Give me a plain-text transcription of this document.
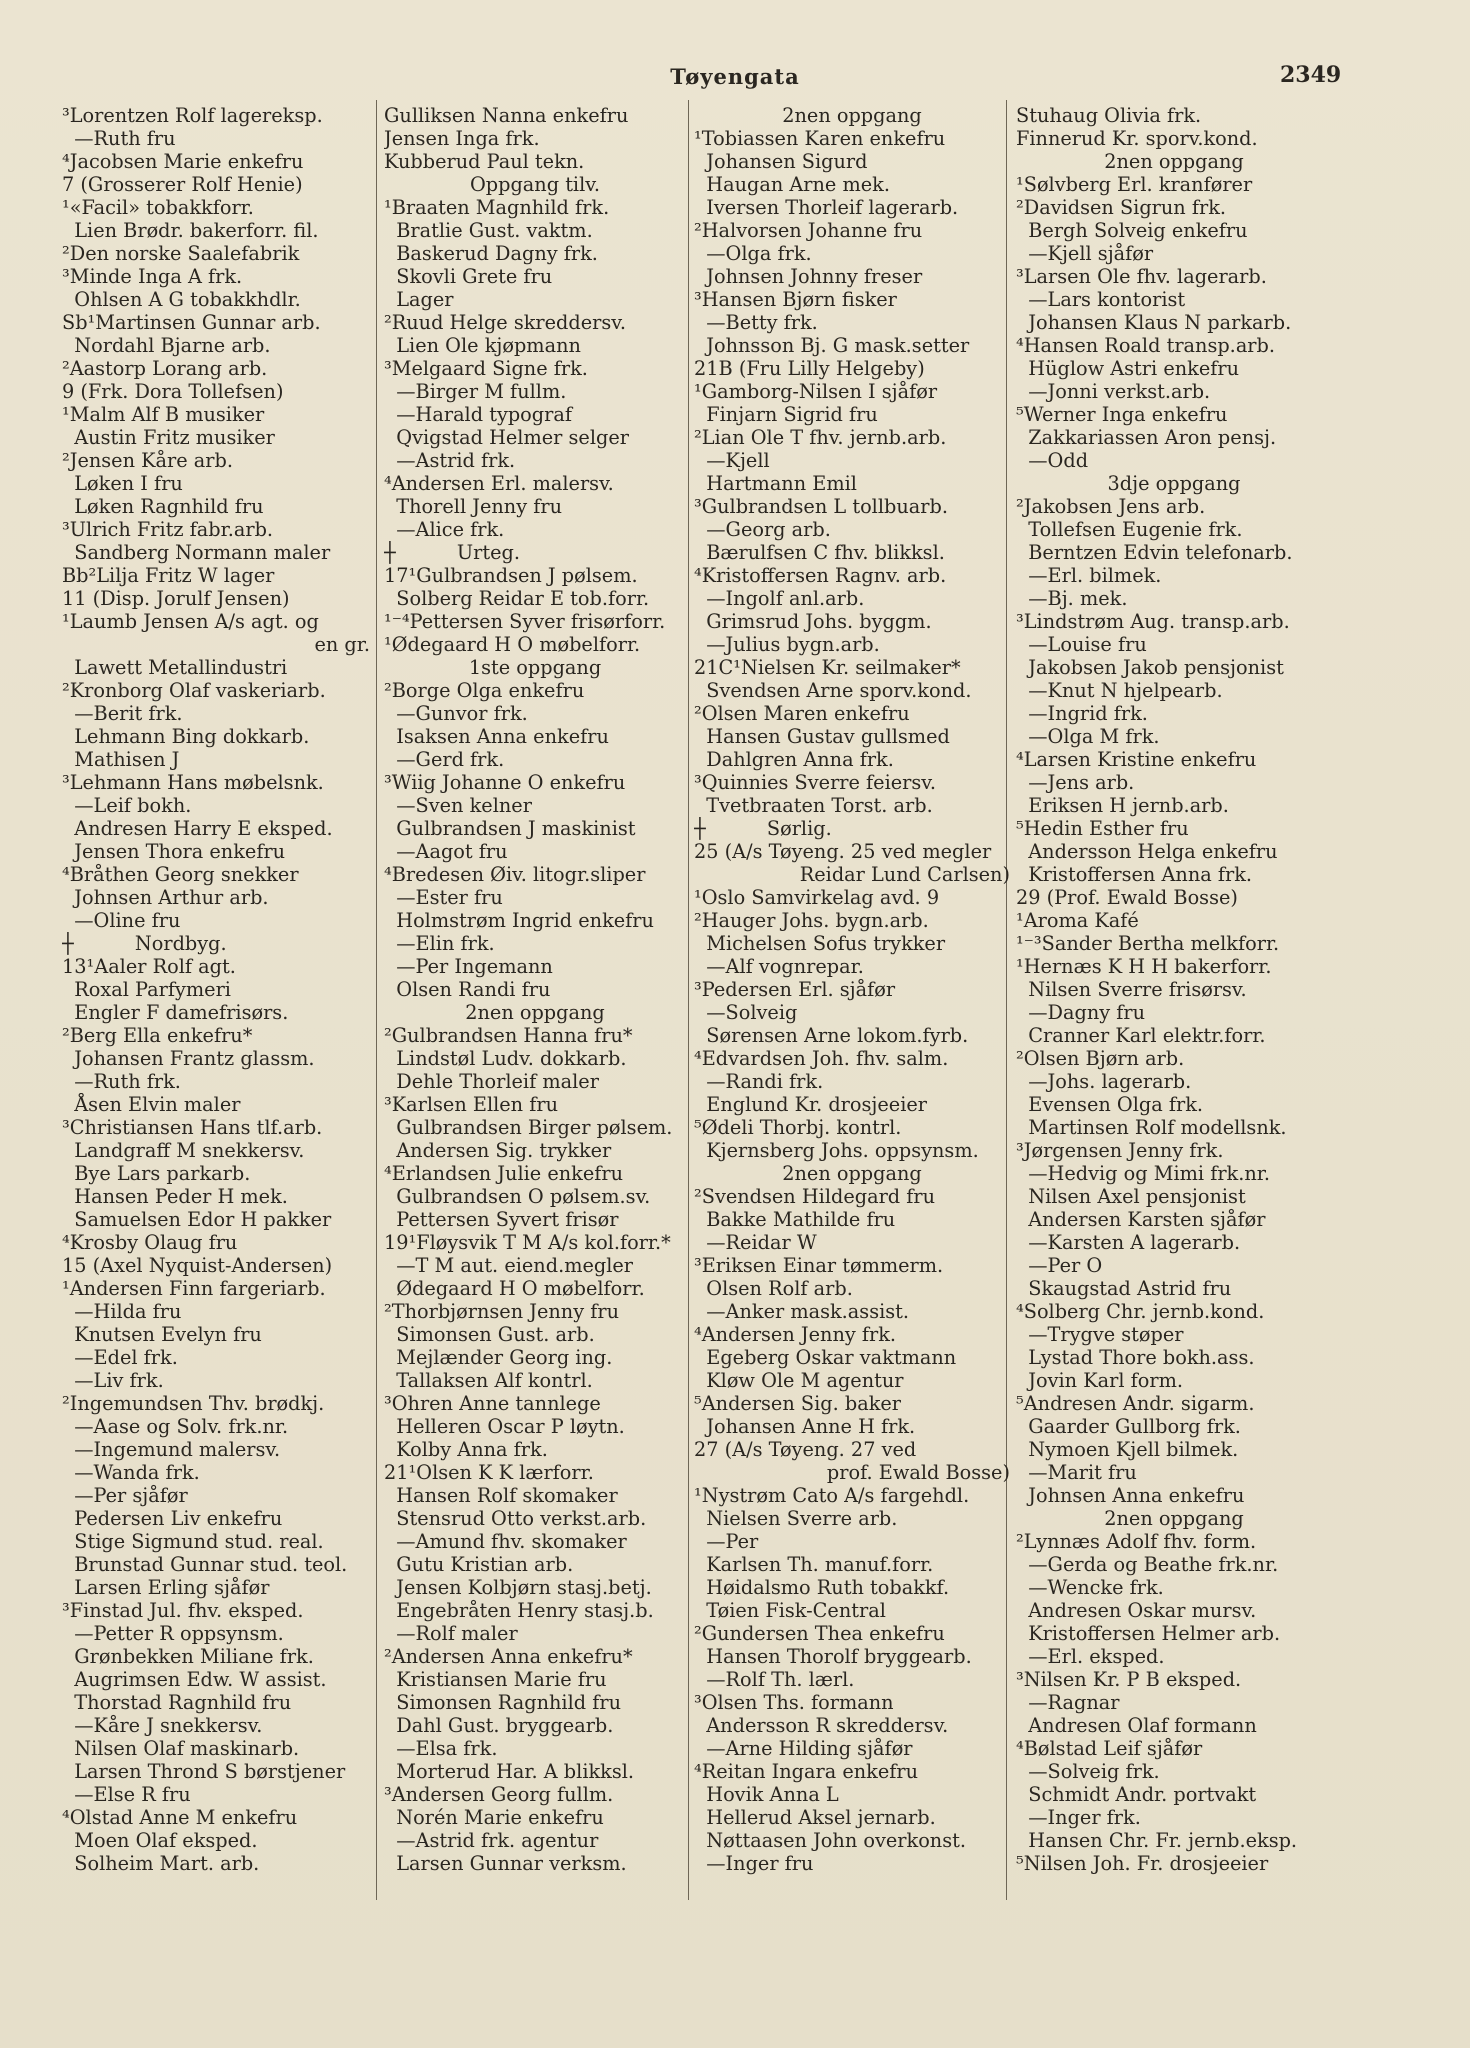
Tøyengata	2349
³Lorentzen Rolf lagereksp.
—Ruth fru
⁴Jacobsen Marie enkefru
7 (Grosserer Rolf Henie)
¹«Facil» tobakkforr.
Lien Brødr. bakerforr. fil.
²Den norske Saalefabrik
³Minde Inga A frk.
Ohlsen A G tobakkhdlr.
Sb¹Martinsen Gunnar arb.
Nordahl Bjarne arb.
²Aastorp Lorang arb.
9 (Frk. Dora Tollefsen)
¹Malm Alf B musiker
Austin Fritz musiker
²Jensen Kåre arb.
Løken I fru
Løken Ragnhild fru
³Ulrich Fritz fabr.arb.
Sandberg Normann maler
Bb²Lilja Fritz W lager
11 (Disp. Jorulf Jensen)
¹Laumb Jensen A/s agt. og
en gr.
Lawett Metallindustri
²Kronborg Olaf vaskeriarb.
—Berit frk.
Lehmann Bing dokkarb.
Mathisen J
³Lehmann Hans møbelsnk.
—Leif bokh.
Andresen Harry E eksped.
Jensen Thora enkefru
⁴Bråthen Georg snekker
Johnsen Arthur arb.
—Oline fru
┼          Nordbyg.
13¹Aaler Rolf agt.
Roxal Parfymeri
Engler F damefrisørs.
²Berg Ella enkefru*
Johansen Frantz glassm.
—Ruth frk.
Åsen Elvin maler
³Christiansen Hans tlf.arb.
Landgraff M snekkersv.
Bye Lars parkarb.
Hansen Peder H mek.
Samuelsen Edor H pakker
⁴Krosby Olaug fru
15 (Axel Nyquist-Andersen)
¹Andersen Finn fargeriarb.
—Hilda fru
Knutsen Evelyn fru
—Edel frk.
—Liv frk.
²Ingemundsen Thv. brødkj.
—Aase og Solv. frk.nr.
—Ingemund malersv.
—Wanda frk.
—Per sjåfør
Pedersen Liv enkefru
Stige Sigmund stud. real.
Brunstad Gunnar stud. teol.
Larsen Erling sjåfør
³Finstad Jul. fhv. eksped.
—Petter R oppsynsm.
Grønbekken Miliane frk.
Augrimsen Edw. W assist.
Thorstad Ragnhild fru
—Kåre J snekkersv.
Nilsen Olaf maskinarb.
Larsen Thrond S børstjener
—Else R fru
⁴Olstad Anne M enkefru
Moen Olaf eksped.
Solheim Mart. arb.
Gulliksen Nanna enkefru
Jensen Inga frk.
Kubberud Paul tekn.
Oppgang tilv.
¹Braaten Magnhild frk.
Bratlie Gust. vaktm.
Baskerud Dagny frk.
Skovli Grete fru
Lager
²Ruud Helge skreddersv.
Lien Ole kjøpmann
³Melgaard Signe frk.
—Birger M fullm.
—Harald typograf
Qvigstad Helmer selger
—Astrid frk.
⁴Andersen Erl. malersv.
Thorell Jenny fru
—Alice frk.
┼          Urteg.
17¹Gulbrandsen J pølsem.
Solberg Reidar E tob.forr.
¹⁻⁴Pettersen Syver frisørforr.
¹Ødegaard H O møbelforr.
1ste oppgang
²Borge Olga enkefru
—Gunvor frk.
Isaksen Anna enkefru
—Gerd frk.
³Wiig Johanne O enkefru
—Sven kelner
Gulbrandsen J maskinist
—Aagot fru
⁴Bredesen Øiv. litogr.sliper
—Ester fru
Holmstrøm Ingrid enkefru
—Elin frk.
—Per Ingemann
Olsen Randi fru
2nen oppgang
²Gulbrandsen Hanna fru*
Lindstøl Ludv. dokkarb.
Dehle Thorleif maler
³Karlsen Ellen fru
Gulbrandsen Birger pølsem.
Andersen Sig. trykker
⁴Erlandsen Julie enkefru
Gulbrandsen O pølsem.sv.
Pettersen Syvert frisør
19¹Fløysvik T M A/s kol.forr.*
—T M aut. eiend.megler
Ødegaard H O møbelforr.
²Thorbjørnsen Jenny fru
Simonsen Gust. arb.
Mejlænder Georg ing.
Tallaksen Alf kontrl.
³Ohren Anne tannlege
Helleren Oscar P løytn.
Kolby Anna frk.
21¹Olsen K K lærforr.
Hansen Rolf skomaker
Stensrud Otto verkst.arb.
—Amund fhv. skomaker
Gutu Kristian arb.
Jensen Kolbjørn stasj.betj.
Engebråten Henry stasj.b.
—Rolf maler
²Andersen Anna enkefru*
Kristiansen Marie fru
Simonsen Ragnhild fru
Dahl Gust. bryggearb.
—Elsa frk.
Morterud Har. A blikksl.
³Andersen Georg fullm.
Norén Marie enkefru
—Astrid frk. agentur
Larsen Gunnar verksm.
2nen oppgang
¹Tobiassen Karen enkefru
Johansen Sigurd
Haugan Arne mek.
Iversen Thorleif lagerarb.
²Halvorsen Johanne fru
—Olga frk.
Johnsen Johnny freser
³Hansen Bjørn fisker
—Betty frk.
Johnsson Bj. G mask.setter
21B (Fru Lilly Helgeby)
¹Gamborg-Nilsen I sjåfør
Finjarn Sigrid fru
²Lian Ole T fhv. jernb.arb.
—Kjell
Hartmann Emil
³Gulbrandsen L tollbuarb.
—Georg arb.
Bærulfsen C fhv. blikksl.
⁴Kristoffersen Ragnv. arb.
—Ingolf anl.arb.
Grimsrud Johs. byggm.
—Julius bygn.arb.
21C¹Nielsen Kr. seilmaker*
Svendsen Arne sporv.kond.
²Olsen Maren enkefru
Hansen Gustav gullsmed
Dahlgren Anna frk.
³Quinnies Sverre feiersv.
Tvetbraaten Torst. arb.
┼          Sørlig.
25 (A/s Tøyeng. 25 ved megler
Reidar Lund Carlsen)
¹Oslo Samvirkelag avd. 9
²Hauger Johs. bygn.arb.
Michelsen Sofus trykker
—Alf vognrepar.
³Pedersen Erl. sjåfør
—Solveig
Sørensen Arne lokom.fyrb.
⁴Edvardsen Joh. fhv. salm.
—Randi frk.
Englund Kr. drosjeeier
⁵Ødeli Thorbj. kontrl.
Kjernsberg Johs. oppsynsm.
2nen oppgang
²Svendsen Hildegard fru
Bakke Mathilde fru
—Reidar W
³Eriksen Einar tømmerm.
Olsen Rolf arb.
—Anker mask.assist.
⁴Andersen Jenny frk.
Egeberg Oskar vaktmann
Kløw Ole M agentur
⁵Andersen Sig. baker
Johansen Anne H frk.
27 (A/s Tøyeng. 27 ved
prof. Ewald Bosse)
¹Nystrøm Cato A/s fargehdl.
Nielsen Sverre arb.
—Per
Karlsen Th. manuf.forr.
Høidalsmo Ruth tobakkf.
Tøien Fisk-Central
²Gundersen Thea enkefru
Hansen Thorolf bryggearb.
—Rolf Th. lærl.
³Olsen Ths. formann
Andersson R skreddersv.
—Arne Hilding sjåfør
⁴Reitan Ingara enkefru
Hovik Anna L
Hellerud Aksel jernarb.
Nøttaasen John overkonst.
—Inger fru
Stuhaug Olivia frk.
Finnerud Kr. sporv.kond.
2nen oppgang
¹Sølvberg Erl. kranfører
²Davidsen Sigrun frk.
Bergh Solveig enkefru
—Kjell sjåfør
³Larsen Ole fhv. lagerarb.
—Lars kontorist
Johansen Klaus N parkarb.
⁴Hansen Roald transp.arb.
Hüglow Astri enkefru
—Jonni verkst.arb.
⁵Werner Inga enkefru
Zakkariassen Aron pensj.
—Odd
3dje oppgang
²Jakobsen Jens arb.
Tollefsen Eugenie frk.
Berntzen Edvin telefonarb.
—Erl. bilmek.
—Bj. mek.
³Lindstrøm Aug. transp.arb.
—Louise fru
Jakobsen Jakob pensjonist
—Knut N hjelpearb.
—Ingrid frk.
—Olga M frk.
⁴Larsen Kristine enkefru
—Jens arb.
Eriksen H jernb.arb.
⁵Hedin Esther fru
Andersson Helga enkefru
Kristoffersen Anna frk.
29 (Prof. Ewald Bosse)
¹Aroma Kafé
¹⁻³Sander Bertha melkforr.
¹Hernæs K H H bakerforr.
Nilsen Sverre frisørsv.
—Dagny fru
Cranner Karl elektr.forr.
²Olsen Bjørn arb.
—Johs. lagerarb.
Evensen Olga frk.
Martinsen Rolf modellsnk.
³Jørgensen Jenny frk.
—Hedvig og Mimi frk.nr.
Nilsen Axel pensjonist
Andersen Karsten sjåfør
—Karsten A lagerarb.
—Per O
Skaugstad Astrid fru
⁴Solberg Chr. jernb.kond.
—Trygve støper
Lystad Thore bokh.ass.
Jovin Karl form.
⁵Andresen Andr. sigarm.
Gaarder Gullborg frk.
Nymoen Kjell bilmek.
—Marit fru
Johnsen Anna enkefru
2nen oppgang
²Lynnæs Adolf fhv. form.
—Gerda og Beathe frk.nr.
—Wencke frk.
Andresen Oskar mursv.
Kristoffersen Helmer arb.
—Erl. eksped.
³Nilsen Kr. P B eksped.
—Ragnar
Andresen Olaf formann
⁴Bølstad Leif sjåfør
—Solveig frk.
Schmidt Andr. portvakt
—Inger frk.
Hansen Chr. Fr. jernb.eksp.
⁵Nilsen Joh. Fr. drosjeeier
